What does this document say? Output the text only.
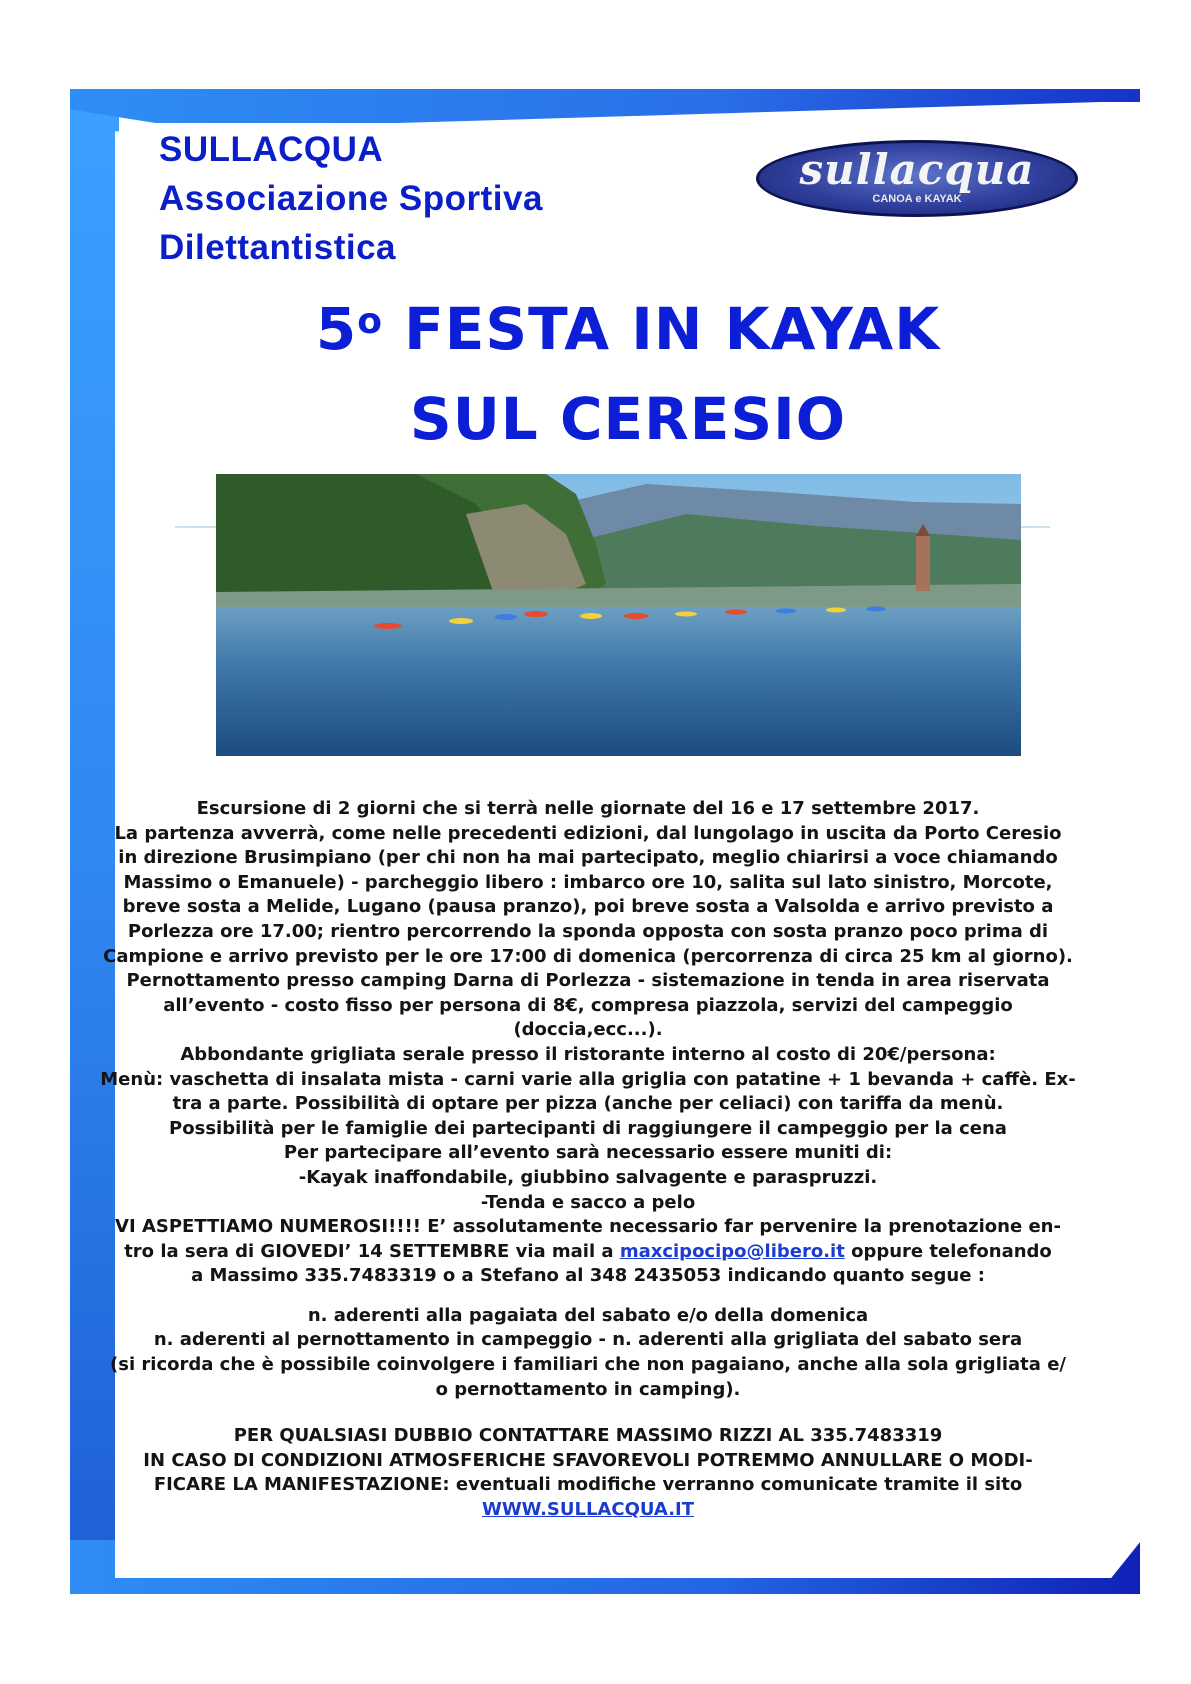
SULLACQUA
Associazione Sportiva
Dilettantistica
sullacqua
CANOA e KAYAK
5$^o$ FESTA IN KAYAK
SUL CERESIO

Escursione di 2 giorni che si terrà nelle giornate del 16 e 17 settembre 2017.

La partenza avverrà, come nelle precedenti edizioni, dal lungolago in uscita da Porto Ceresio

in direzione Brusimpiano (per chi non ha mai partecipato, meglio chiarirsi a voce chiamando

Massimo o Emanuele) - parcheggio libero : imbarco ore 10, salita sul lato sinistro, Morcote,

breve sosta a Melide, Lugano (pausa pranzo), poi breve sosta a Valsolda e arrivo previsto a

Porlezza ore 17.00; rientro percorrendo la sponda opposta con sosta pranzo poco prima di

Campione e arrivo previsto per le ore 17:00 di domenica (percorrenza di circa 25 km al giorno).

Pernottamento presso camping Darna di Porlezza - sistemazione in tenda in area riservata

all’evento - costo fisso per persona di 8€, compresa piazzola, servizi del campeggio

(doccia,ecc...).

Abbondante grigliata serale presso il ristorante interno al costo di 20€/persona:

Menù: vaschetta di insalata mista - carni varie alla griglia con patatine + 1 bevanda + caffè. Ex-

tra a parte. Possibilità di optare per pizza (anche per celiaci) con tariffa da menù.

Possibilità per le famiglie dei partecipanti di raggiungere il campeggio per la cena

Per partecipare all’evento sarà necessario essere muniti di:

-Kayak inaffondabile, giubbino salvagente e paraspruzzi.

-Tenda e sacco a pelo

VI ASPETTIAMO NUMEROSI!!!! E’ assolutamente necessario far pervenire la prenotazione en-

tro la sera di GIOVEDI’ 14 SETTEMBRE via mail a maxcipocipo@libero.it oppure telefonando

a Massimo 335.7483319 o a Stefano al 348 2435053 indicando quanto segue :

n. aderenti alla pagaiata del sabato e/o della domenica

n. aderenti al pernottamento in campeggio - n. aderenti alla grigliata del sabato sera

(si ricorda che è possibile coinvolgere i familiari che non pagaiano, anche alla sola grigliata e/

o pernottamento in camping).

PER QUALSIASI DUBBIO CONTATTARE MASSIMO RIZZI AL 335.7483319

IN CASO DI CONDIZIONI ATMOSFERICHE SFAVOREVOLI POTREMMO ANNULLARE O MODI-

FICARE LA MANIFESTAZIONE: eventuali modifiche verranno comunicate tramite il sito

WWW.SULLACQUA.IT
